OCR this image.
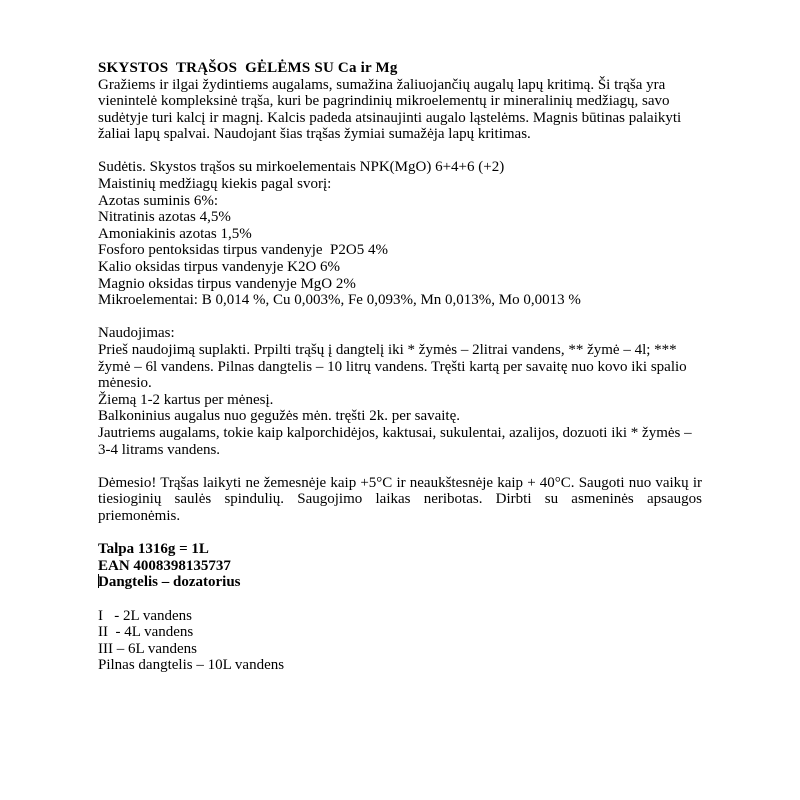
SKYSTOS  TRĄŠOS  GĖLĖMS SU Ca ir Mg

Gražiems ir ilgai žydintiems augalams, sumažina žaliuojančių augalų lapų kritimą. Ši trąša yra vienintelė kompleksinė trąša, kuri be pagrindinių mikroelementų ir mineralinių medžiagų, savo sudėtyje turi kalcį ir magnį. Kalcis padeda atsinaujinti augalo ląstelėms. Magnis būtinas palaikyti žaliai lapų spalvai. Naudojant šias trąšas žymiai sumažėja lapų kritimas.

Sudėtis. Skystos trąšos su mirkoelementais NPK(MgO) 6+4+6 (+2)
Maistinių medžiagų kiekis pagal svorį:
Azotas suminis 6%:
Nitratinis azotas 4,5%
Amoniakinis azotas 1,5%
Fosforo pentoksidas tirpus vandenyje  P2O5 4%
Kalio oksidas tirpus vandenyje K2O 6%
Magnio oksidas tirpus vandenyje MgO 2%
Mikroelementai: B 0,014 %, Cu 0,003%, Fe 0,093%, Mn 0,013%, Mo 0,0013 %
Naudojimas:

Prieš naudojimą suplakti. Prpilti trąšų į dangtelį iki * žymės – 2litrai vandens, ** žymė – 4l; *** žymė – 6l vandens. Pilnas dangtelis – 10 litrų vandens. Tręšti kartą per savaitę nuo kovo iki spalio mėnesio.

Žiemą 1-2 kartus per mėnesį.

Balkoninius augalus nuo gegužės mėn. tręšti 2k. per savaitę.

Jautriems augalams, tokie kaip kalporchidėjos, kaktusai, sukulentai, azalijos, dozuoti iki * žymės – 3-4 litrams vandens.

Dėmesio! Trąšas laikyti ne žemesnėje kaip +5°C ir neaukštesnėje kaip + 40°C. Saugoti nuo vaikų ir tiesioginių saulės spindulių. Saugojimo laikas neribotas. Dirbti su asmeninės apsaugos priemonėmis.

Talpa 1316g = 1L
EAN 4008398135737
Dangtelis – dozatorius
I   - 2L vandens
II  - 4L vandens
III – 6L vandens
Pilnas dangtelis – 10L vandens
